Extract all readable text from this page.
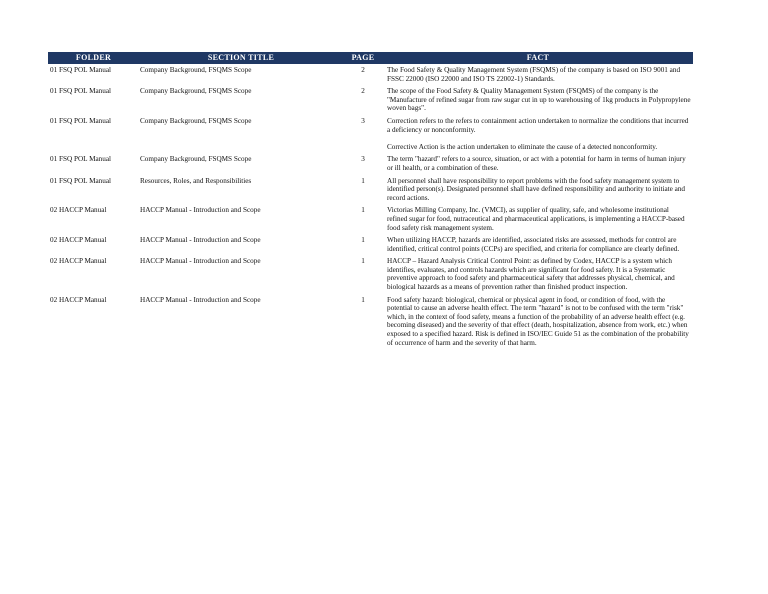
FOLDER	SECTION TITLE	PAGE	FACT
01 FSQ POL Manual	Company Background, FSQMS Scope	2	The Food Safety & Quality Management System (FSQMS) of the company is based on ISO 9001 and FSSC 22000 (ISO 22000 and ISO TS 22002-1) Standards.

01 FSQ POL Manual	Company Background, FSQMS Scope	2	The scope of the Food Safety & Quality Management System (FSQMS) of the company is the "Manufacture of refined sugar from raw sugar cut in up to warehousing of 1kg products in Polypropylene woven bags".

01 FSQ POL Manual	Company Background, FSQMS Scope	3	Correction refers to the refers to containment action undertaken to normalize the conditions that incurred a deficiency or nonconformity.

Corrective Action is the action undertaken to eliminate the cause of a detected nonconformity.

01 FSQ POL Manual	Company Background, FSQMS Scope	3	The term "hazard" refers to a source, situation, or act with a potential for harm in terms of human injury or ill health, or a combination of these.

01 FSQ POL Manual	Resources, Roles, and Responsibilities	1	All personnel shall have responsibility to report problems with the food safety management system to identified person(s). Designated personnel shall have defined responsibility and authority to initiate and record actions.

02 HACCP Manual	HACCP Manual - Introduction and Scope	1	Victorias Milling Company, Inc. (VMCI), as supplier of quality, safe, and wholesome institutional refined sugar for food, nutraceutical and pharmaceutical applications, is implementing a HACCP-based food safety risk management system.

02 HACCP Manual	HACCP Manual - Introduction and Scope	1	When utilizing HACCP, hazards are identified, associated risks are assessed, methods for control are identified, critical control points (CCPs) are specified, and criteria for compliance are clearly defined.

02 HACCP Manual	HACCP Manual - Introduction and Scope	1	HACCP – Hazard Analysis Critical Control Point: as defined by Codex, HACCP is a system which identifies, evaluates, and controls hazards which are significant for food safety. It is a Systematic preventive approach to food safety and pharmaceutical safety that addresses physical, chemical, and biological hazards as a means of prevention rather than finished product inspection.

02 HACCP Manual	HACCP Manual - Introduction and Scope	1	Food safety hazard: biological, chemical or physical agent in food, or condition of food, with the potential to cause an adverse health effect. The term "hazard" is not to be confused with the term "risk" which, in the context of food safety, means a function of the probability of an adverse health effect (e.g. becoming diseased) and the severity of that effect (death, hospitalization, absence from work, etc.) when exposed to a specified hazard. Risk is defined in ISO/IEC Guide 51 as the combination of the probability of occurrence of harm and the severity of that harm.
